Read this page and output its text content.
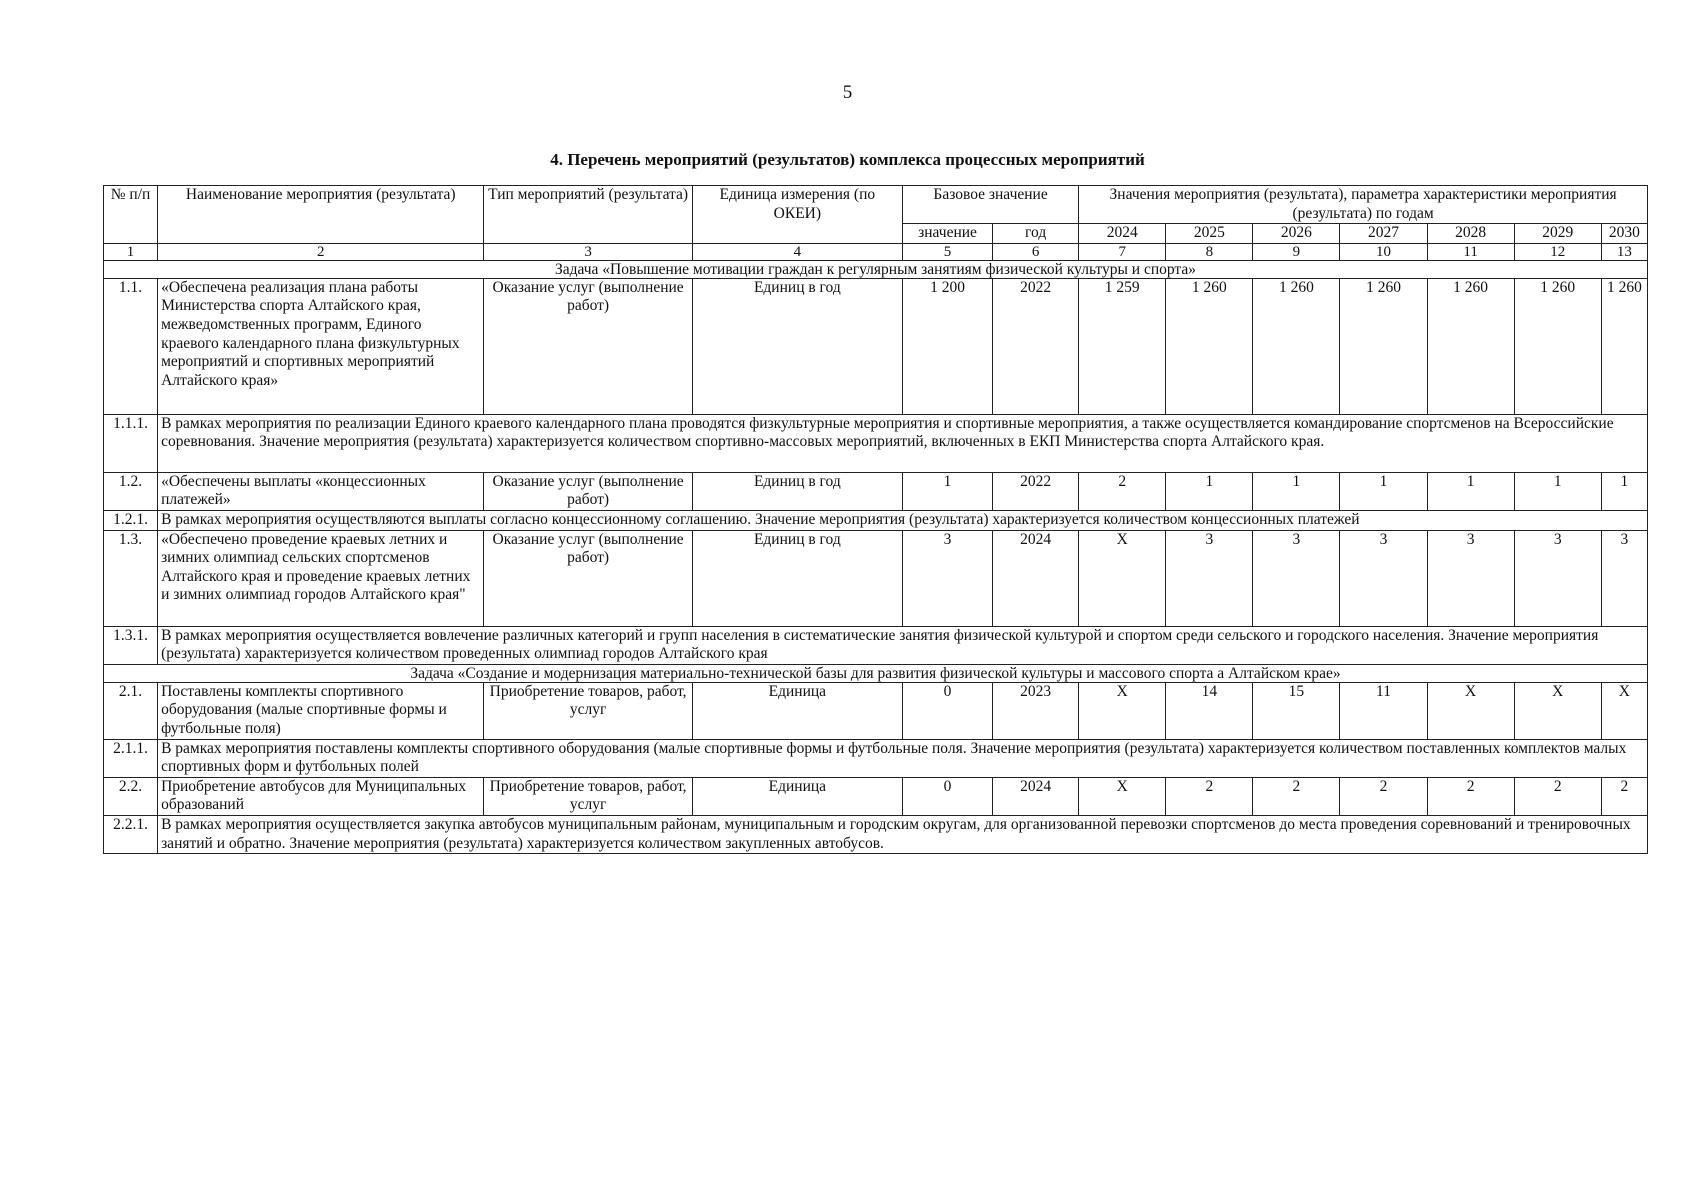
5
4. Перечень мероприятий (результатов) комплекса процессных мероприятий
№ п/п	Наименование мероприятия (результата)	Тип мероприятий (результата)	Единица измерения (по ОКЕИ)	Базовое значение		Значения мероприятия (результата), параметра характеристики мероприятия (результата) по годам						
				значение	год	2024	2025	2026	2027	2028	2029	2030
1	2	3	4	5	6	7	8	9	10	11	12	13
Задача «Повышение мотивации граждан к регулярным занятиям физической культуры и спорта»												
1.1.	«Обеспечена реализация плана работы Министерства спорта Алтайского края, межведомственных программ, Единого краевого календарного плана физкультурных мероприятий и спортивных мероприятий Алтайского края»	Оказание услуг (выполнение работ)	Единиц в год	1 200	2022	1 259	1 260	1 260	1 260	1 260	1 260	1 260
1.1.1.	В рамках мероприятия по реализации Единого краевого календарного плана проводятся физкультурные мероприятия и спортивные мероприятия, а также осуществляется командирование спортсменов на Всероссийские соревнования. Значение мероприятия (результата) характеризуется количеством спортивно-массовых мероприятий, включенных в ЕКП Министерства спорта Алтайского края.											
1.2.	«Обеспечены выплаты «концессионных платежей»	Оказание услуг (выполнение работ)	Единиц в год	1	2022	2	1	1	1	1	1	1
1.2.1.	В рамках мероприятия осуществляются выплаты согласно концессионному соглашению. Значение мероприятия (результата) характеризуется количеством концессионных платежей											
1.3.	«Обеспечено проведение краевых летних и зимних олимпиад сельских спортсменов Алтайского края и проведение краевых летних и зимних олимпиад городов Алтайского края"	Оказание услуг (выполнение работ)	Единиц в год	3	2024	X	3	3	3	3	3	3
1.3.1.	В рамках мероприятия осуществляется вовлечение различных категорий и групп населения в систематические занятия физической культурой и спортом среди сельского и городского населения. Значение мероприятия (результата) характеризуется количеством проведенных олимпиад городов Алтайского края											
Задача «Создание и модернизация материально-технической базы для развития физической культуры и массового спорта а Алтайском крае»												
2.1.	Поставлены комплекты спортивного оборудования (малые спортивные формы и футбольные поля)	Приобретение товаров, работ, услуг	Единица	0	2023	X	14	15	11	X	X	X
2.1.1.	В рамках мероприятия поставлены комплекты спортивного оборудования (малые спортивные формы и футбольные поля. Значение мероприятия (результата) характеризуется количеством поставленных комплектов малых спортивных форм и футбольных полей											
2.2.	Приобретение автобусов для Муниципальных образований	Приобретение товаров, работ, услуг	Единица	0	2024	X	2	2	2	2	2	2
2.2.1.	В рамках мероприятия осуществляется закупка автобусов муниципальным районам, муниципальным и городским округам, для организованной перевозки спортсменов до места проведения соревнований и тренировочных занятий и обратно. Значение мероприятия (результата) характеризуется количеством закупленных автобусов.											
